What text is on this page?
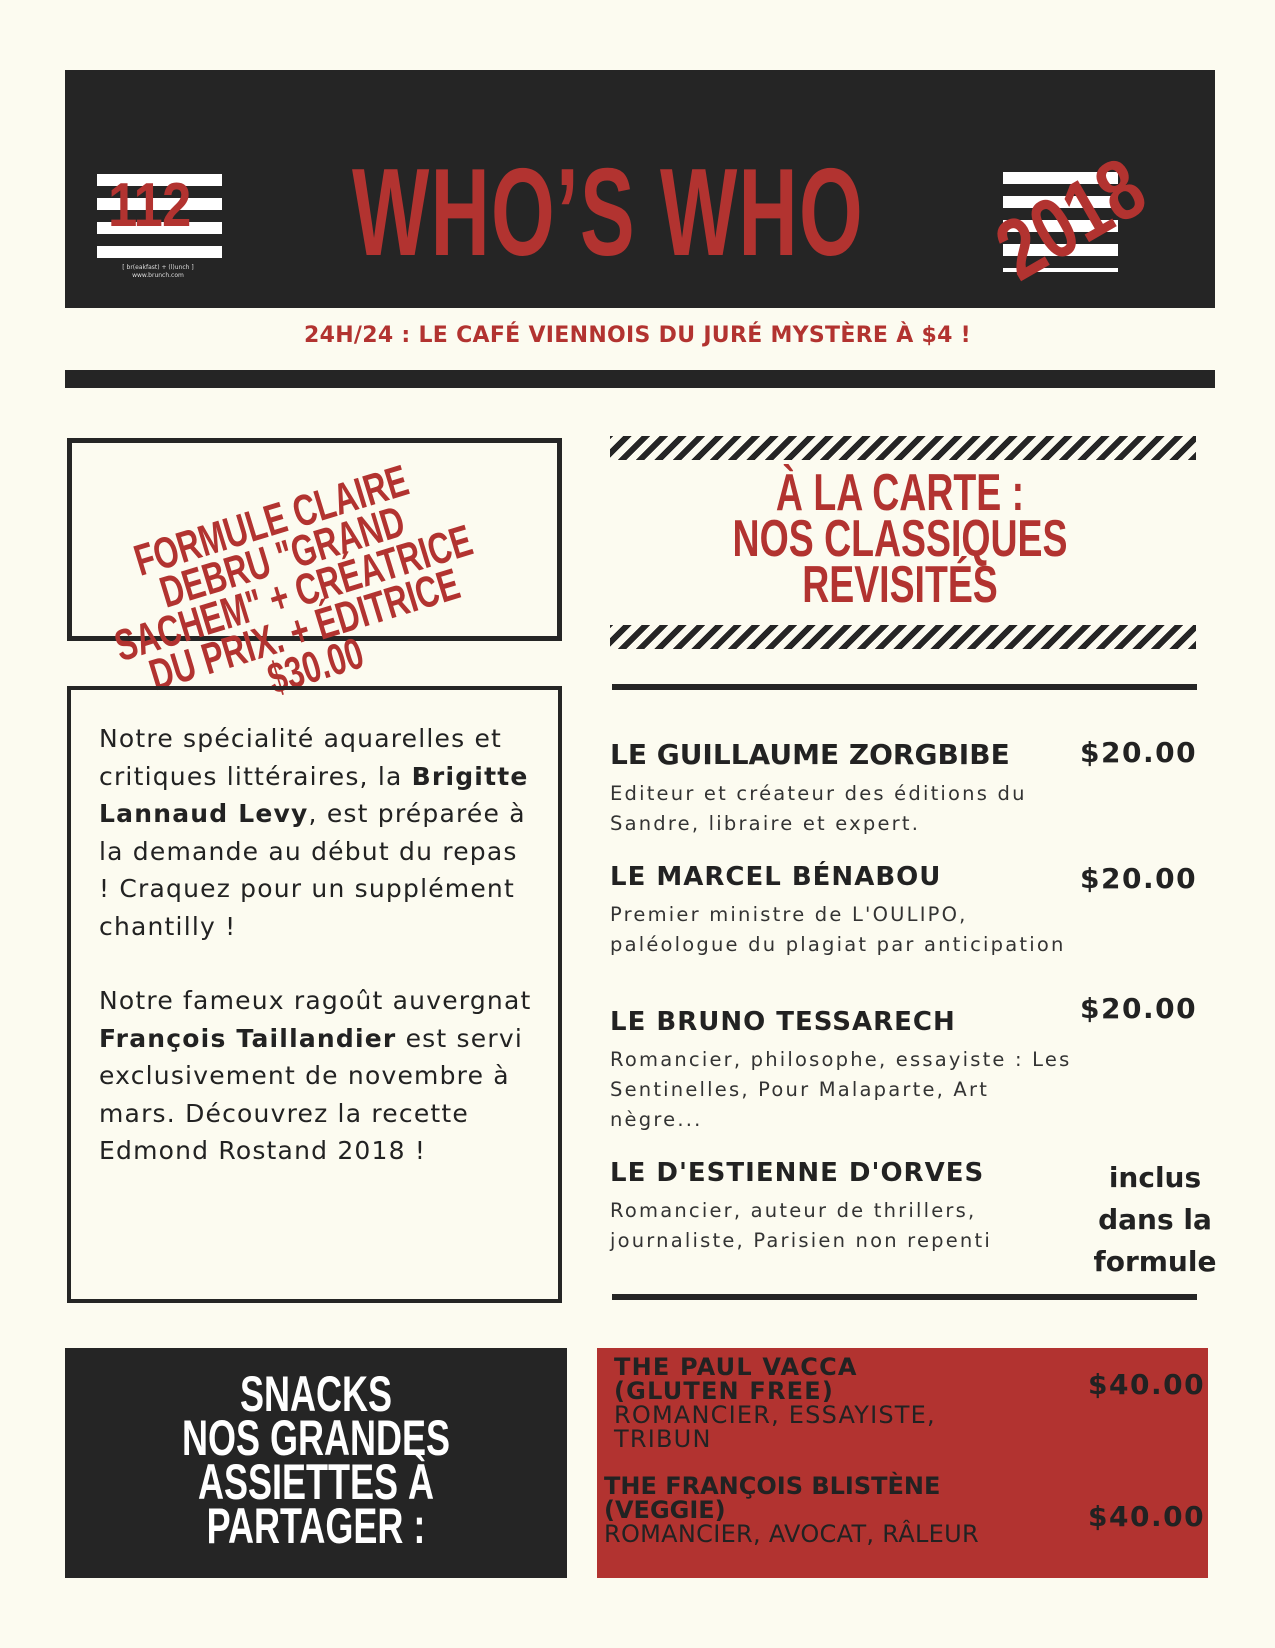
112
[ br(eakfast) + (l)unch ] www.brunch.com WHO’S WHO 2018
24H/24 : LE CAFÉ VIENNOIS DU JURÉ MYSTÈRE À $4 !
FORMULE CLAIRE DEBRU "GRAND SACHEM" + CRÉATRICE DU PRIX. + ÉDITRICE $30.00

Notre spécialité aquarelles et critiques littéraires, la Brigitte Lannaud Levy, est préparée à la demande au début du repas ! Craquez pour un supplément chantilly !

Notre fameux ragoût auvergnat François Taillandier est servi exclusivement de novembre à mars. Découvrez la recette Edmond Rostand 2018 !

À LA CARTE :
NOS CLASSIQUES
REVISITÉS
LE GUILLAUME ZORGBIBE
Editeur et créateur des éditions du Sandre, libraire et expert.
$20.00
LE MARCEL BÉNABOU
Premier ministre de L'OULIPO, paléologue du plagiat par anticipation
$20.00
LE BRUNO TESSARECH
Romancier, philosophe, essayiste : Les Sentinelles, Pour Malaparte, Art nègre...
$20.00
LE D'ESTIENNE D'ORVES
Romancier, auteur de thrillers, journaliste, Parisien non repenti
inclus dans la formule
SNACKS
NOS GRANDES
ASSIETTES À
PARTAGER :
THE PAUL VACCA
(GLUTEN FREE)
ROMANCIER, ESSAYISTE,
TRIBUN
$40.00
THE FRANÇOIS BLISTÈNE
(VEGGIE)
ROMANCIER, AVOCAT, RÂLEUR
$40.00
